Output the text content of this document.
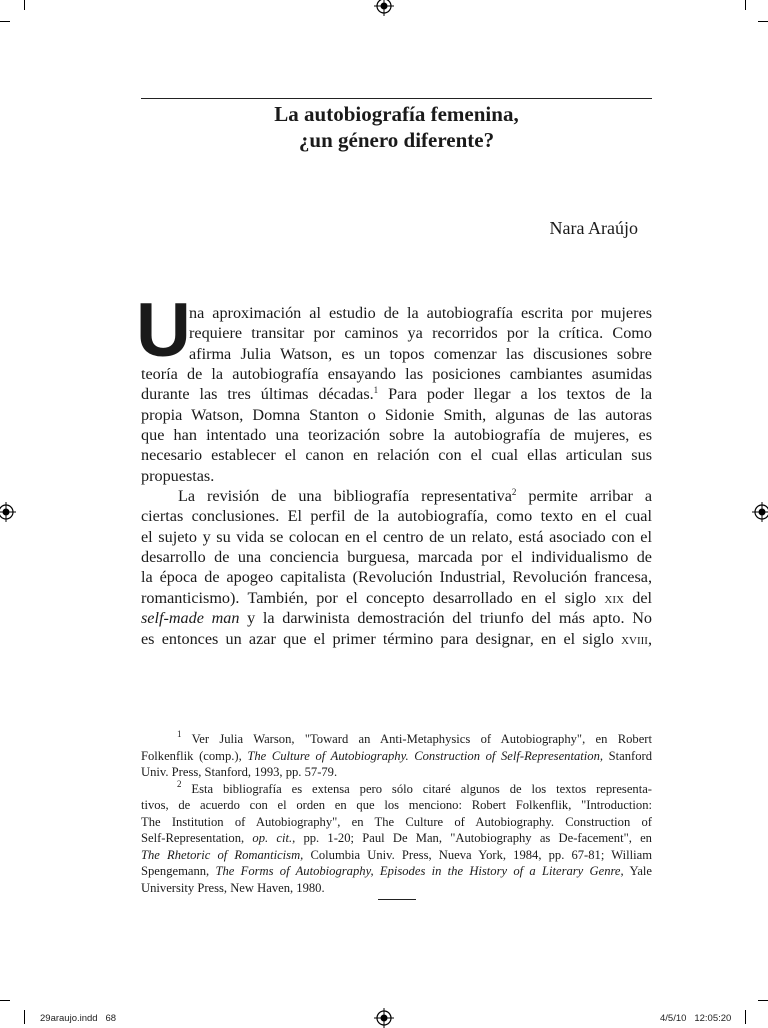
La autobiografía femenina,
¿un género diferente?
Nara Araújo
U
na aproximación al estudio de la autobiografía escrita por mujeres
requiere transitar por caminos ya recorridos por la crítica. Como
afirma Julia Watson, es un topos comenzar las discusiones sobre
teoría de la autobiografía ensayando las posiciones cambiantes asumidas
durante las tres últimas décadas.$^1$ Para poder llegar a los textos de la
propia Watson, Domna Stanton o Sidonie Smith, algunas de las autoras
que han intentado una teorización sobre la autobiografía de mujeres, es
necesario establecer el canon en relación con el cual ellas articulan sus
propuestas.
La revisión de una bibliografía representativa$^2$ permite arribar a
ciertas conclusiones. El perfil de la autobiografía, como texto en el cual
el sujeto y su vida se colocan en el centro de un relato, está asociado con el
desarrollo de una conciencia burguesa, marcada por el individualismo de
la época de apogeo capitalista (Revolución Industrial, Revolución francesa,
romanticismo). También, por el concepto desarrollado en el siglo xix del
self-made man y la darwinista demostración del triunfo del más apto. No
es entonces un azar que el primer término para designar, en el siglo xviii,
$^1$ Ver Julia Warson, "Toward an Anti-Metaphysics of Autobiography", en Robert
Folkenflik (comp.), The Culture of Autobiography. Construction of Self-Representation, Stanford
Univ. Press, Stanford, 1993, pp. 57-79.
$^2$ Esta bibliografía es extensa pero sólo citaré algunos de los textos representa-
tivos, de acuerdo con el orden en que los menciono: Robert Folkenflik, "Introduction:
The Institution of Autobiography", en The Culture of Autobiography. Construction of
Self-Representation, op. cit., pp. 1-20; Paul De Man, "Autobiography as De-facement", en
The Rhetoric of Romanticism, Columbia Univ. Press, Nueva York, 1984, pp. 67-81; William
Spengemann, The Forms of Autobiography, Episodes in the History of a Literary Genre, Yale
University Press, New Haven, 1980.
29araujo.indd   68	4/5/10   12:05:20
